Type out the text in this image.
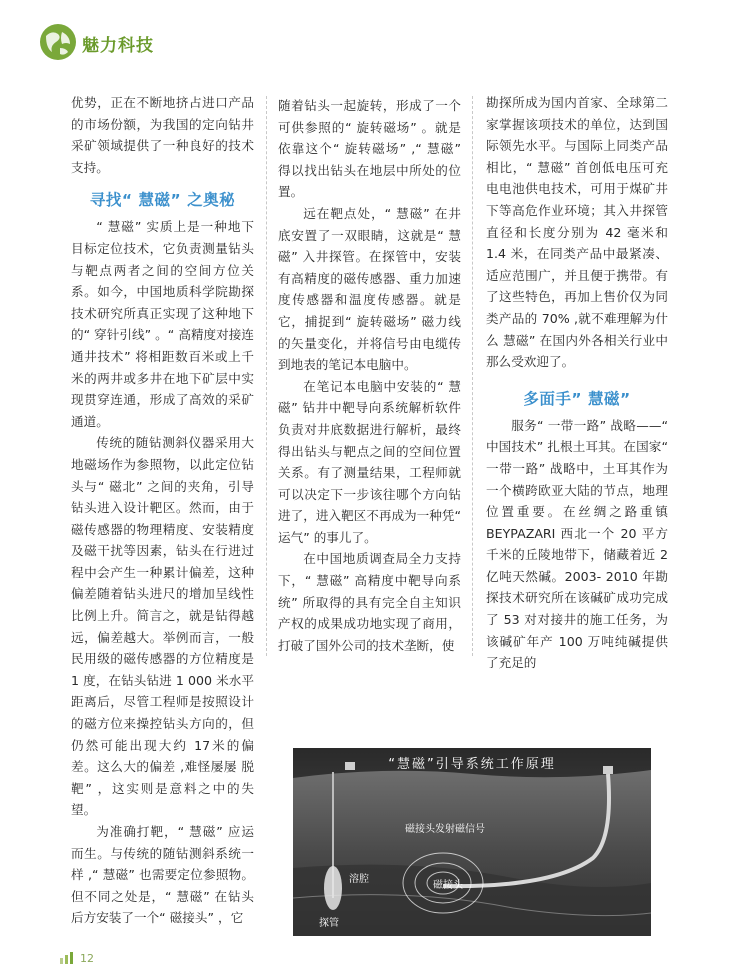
魅力科技

优势，正在不断地挤占进口产品的市场份额，为我国的定向钻井采矿领域提供了一种良好的技术支持。

寻找“ 慧磁” 之奥秘

“ 慧磁” 实质上是一种地下目标定位技术，它负责测量钻头与靶点两者之间的空间方位关系。如今，中国地质科学院勘探技术研究所真正实现了这种地下的“ 穿针引线” 。“ 高精度对接连通井技术” 将相距数百米或上千米的两井或多井在地下矿层中实现贯穿连通，形成了高效的采矿通道。

传统的随钻测斜仪器采用大地磁场作为参照物，以此定位钻头与“ 磁北” 之间的夹角，引导钻头进入设计靶区。然而，由于磁传感器的物理精度、安装精度及磁干扰等因素，钻头在行进过程中会产生一种累计偏差，这种偏差随着钻头进尺的增加呈线性比例上升。简言之，就是钻得越远，偏差越大。举例而言，一般民用级的磁传感器的方位精度是 1 度，在钻头钻进 1 000 米水平距离后，尽管工程师是按照设计的磁方位来操控钻头方向的，但仍然可能出现大约 17米的偏差。这么大的偏差 ,难怪屡屡 脱靶” ，这实则是意料之中的失望。

为准确打靶，“ 慧磁” 应运而生。与传统的随钻测斜系统一样 ,“ 慧磁” 也需要定位参照物。但不同之处是，“ 慧磁” 在钻头后方安装了一个“ 磁接头” ，它

随着钻头一起旋转，形成了一个可供参照的“ 旋转磁场” 。就是依靠这个“ 旋转磁场” ,“ 慧磁” 得以找出钻头在地层中所处的位置。

远在靶点处，“ 慧磁” 在井底安置了一双眼睛，这就是“ 慧磁” 入井探管。在探管中，安装有高精度的磁传感器、重力加速度传感器和温度传感器。就是它，捕捉到“ 旋转磁场” 磁力线的矢量变化，并将信号由电缆传到地表的笔记本电脑中。

在笔记本电脑中安装的“ 慧磁” 钻井中靶导向系统解析软件负责对井底数据进行解析，最终得出钻头与靶点之间的空间位置关系。有了测量结果，工程师就可以决定下一步该往哪个方向钻进了，进入靶区不再成为一种凭“ 运气” 的事儿了。

在中国地质调查局全力支持下，“ 慧磁” 高精度中靶导向系统” 所取得的具有完全自主知识产权的成果成功地实现了商用，打破了国外公司的技术垄断，使

勘探所成为国内首家、全球第二家掌握该项技术的单位，达到国际领先水平。与国际上同类产品相比，“ 慧磁” 首创低电压可充电电池供电技术，可用于煤矿井下等高危作业环境；其入井探管直径和长度分别为 42 毫米和 1.4 米，在同类产品中最紧凑、适应范围广，并且便于携带。有了这些特色，再加上售价仅为同类产品的 70% ,就不难理解为什么 慧磁” 在国内外各相关行业中那么受欢迎了。

多面手” 慧磁”

服务“ 一带一路” 战略——“ 中国技术” 扎根土耳其。在国家“ 一带一路” 战略中，土耳其作为一个横跨欧亚大陆的节点，地理位置重要。在丝绸之路重镇 BEYPAZARI 西北一个 20 平方千米的丘陵地带下，储藏着近 2 亿吨天然碱。2003- 2010 年勘探技术研究所在该碱矿成功完成了 53 对对接井的施工任务，为该碱矿年产 100 万吨纯碱提供了充足的

“慧磁”引导系统工作原理
磁接头发射磁信号
溶腔
磁接头
探管
12
